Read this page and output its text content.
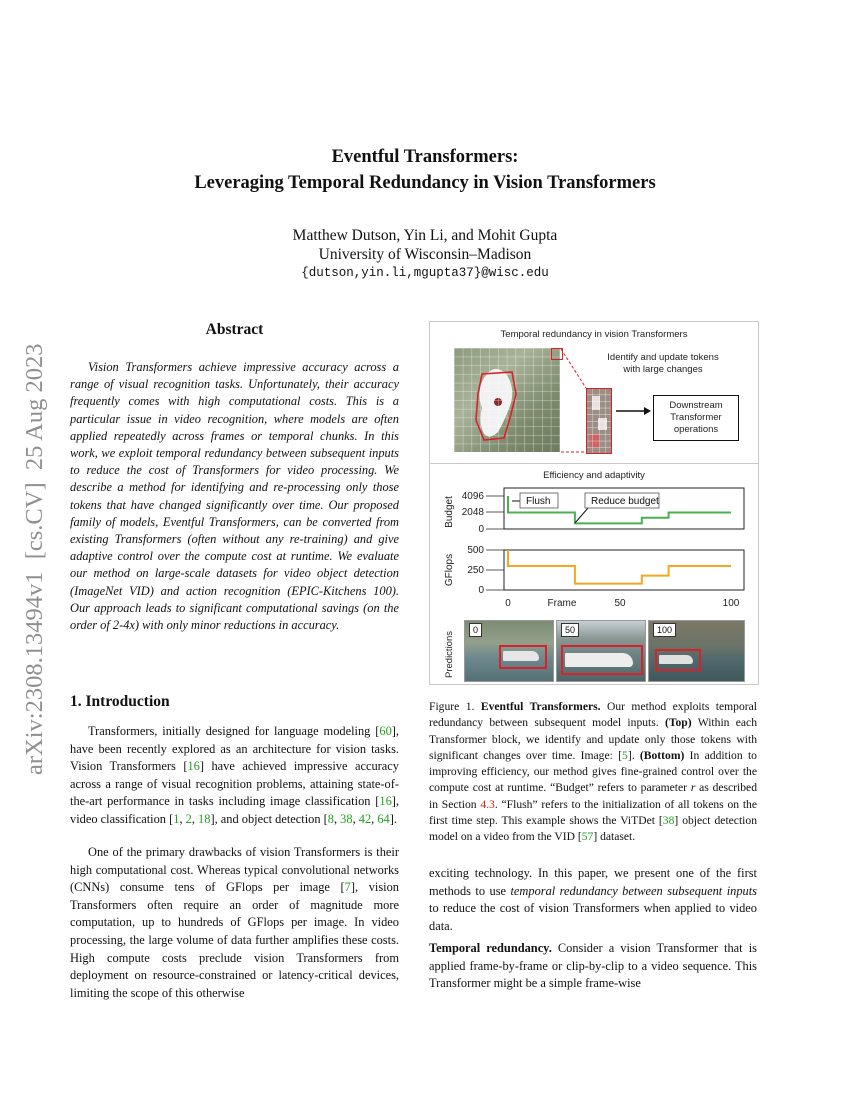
arXiv:2308.13494v1  [cs.CV]  25 Aug 2023
Eventful Transformers:
Leveraging Temporal Redundancy in Vision Transformers
Matthew Dutson, Yin Li, and Mohit Gupta
University of Wisconsin–Madison
{dutson,yin.li,mgupta37}@wisc.edu
Abstract
Vision Transformers achieve impressive accuracy across a range of visual recognition tasks. Unfortunately, their accuracy frequently comes with high computational costs. This is a particular issue in video recognition, where models are often applied repeatedly across frames or temporal chunks. In this work, we exploit temporal redundancy between subsequent inputs to reduce the cost of Transformers for video processing. We describe a method for identifying and re-processing only those tokens that have changed significantly over time. Our proposed family of models, Eventful Transformers, can be converted from existing Transformers (often without any re-training) and give adaptive control over the compute cost at runtime. We evaluate our method on large-scale datasets for video object detection (ImageNet VID) and action recognition (EPIC-Kitchens 100). Our approach leads to significant computational savings (on the order of 2-4x) with only minor reductions in accuracy.
1. Introduction
Transformers, initially designed for language modeling [60], have been recently explored as an architecture for vision tasks. Vision Transformers [16] have achieved impressive accuracy across a range of visual recognition problems, attaining state-of-the-art performance in tasks including image classification [16], video classification [1, 2, 18], and object detection [8, 38, 42, 64].
One of the primary drawbacks of vision Transformers is their high computational cost. Whereas typical convolutional networks (CNNs) consume tens of GFlops per image [7], vision Transformers often require an order of magnitude more computation, up to hundreds of GFlops per image. In video processing, the large volume of data further amplifies these costs. High compute costs preclude vision Transformers from deployment on resource-constrained or latency-critical devices, limiting the scope of this otherwise
Temporal redundancy in vision Transformers
Identify and update tokens
with large changes
Downstream
Transformer
operations
Efficiency and adaptivity
Budget 4096
2048
0
Flush	Reduce budget
GFlops
500
250
0
0	50	100
Frame
Predictions
0	50	100
Figure 1. Eventful Transformers. Our method exploits temporal redundancy between subsequent model inputs. (Top) Within each Transformer block, we identify and update only those tokens with significant changes over time. Image: [5]. (Bottom) In addition to improving efficiency, our method gives fine-grained control over the compute cost at runtime. “Budget” refers to parameter r as described in Section 4.3. “Flush” refers to the initialization of all tokens on the first time step. This example shows the ViTDet [38] object detection model on a video from the VID [57] dataset.
exciting technology. In this paper, we present one of the first methods to use temporal redundancy between subsequent inputs to reduce the cost of vision Transformers when applied to video data.
Temporal redundancy. Consider a vision Transformer that is applied frame-by-frame or clip-by-clip to a video sequence. This Transformer might be a simple frame-wise
